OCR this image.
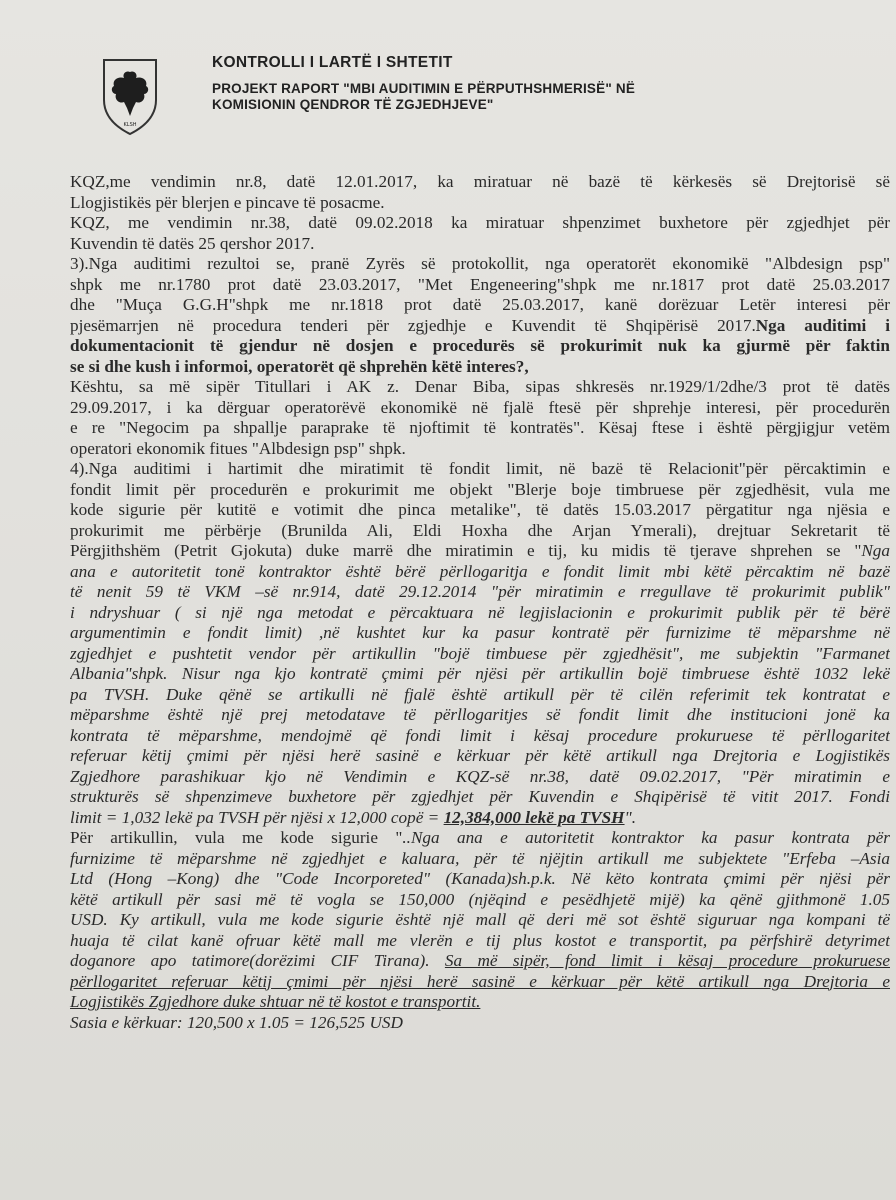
KLSH
KONTROLLI I LARTË I SHTETIT
PROJEKT RAPORT "MBI AUDITIMIN E PËRPUTHSHMERISË" NË
KOMISIONIN QENDROR TË ZGJEDHJEVE"
KQZ,me vendimin nr.8, datë 12.01.2017, ka miratuar në bazë të kërkesës së Drejtorisë së
Llogjistikës për blerjen e pincave të posacme.
KQZ, me vendimin nr.38, datë 09.02.2018 ka miratuar shpenzimet buxhetore për zgjedhjet për
Kuvendin të datës 25 qershor 2017.
3).Nga auditimi rezultoi se, pranë Zyrës së protokollit, nga operatorët ekonomikë "Albdesign psp"
shpk me nr.1780 prot datë 23.03.2017, "Met Engeneering"shpk me nr.1817 prot datë 25.03.2017
dhe "Muça G.G.H"shpk me nr.1818 prot datë 25.03.2017, kanë dorëzuar Letër interesi për
pjesëmarrjen në procedura tenderi për zgjedhje e Kuvendit të Shqipërisë 2017.Nga auditimi i
dokumentacionit të gjendur në dosjen e procedurës së prokurimit nuk ka gjurmë për faktin
se si dhe kush i informoi, operatorët që shprehën këtë interes?,
Kështu, sa më sipër Titullari i AK z. Denar Biba, sipas shkresës nr.1929/1/2dhe/3 prot të datës
29.09.2017, i ka dërguar operatorëvë ekonomikë në fjalë ftesë për shprehje interesi, për procedurën
e re "Negocim pa shpallje paraprake të njoftimit të kontratës". Kësaj ftese i është përgjigjur vetëm
operatori ekonomik fitues "Albdesign psp" shpk.
4).Nga auditimi i hartimit dhe miratimit të fondit limit, në bazë të Relacionit"për përcaktimin e
fondit limit për procedurën e prokurimit me objekt "Blerje boje timbruese për zgjedhësit, vula me
kode sigurie për kutitë e votimit dhe pinca metalike", të datës 15.03.2017 përgatitur nga njësia e
prokurimit me përbërje (Brunilda Ali, Eldi Hoxha dhe Arjan Ymerali), drejtuar Sekretarit të
Përgjithshëm (Petrit Gjokuta) duke marrë dhe miratimin e tij, ku midis të tjerave shprehen se "Nga
ana e autoritetit tonë kontraktor është bërë përllogaritja e fondit limit mbi këtë përcaktim në bazë
të nenit 59 të VKM –së nr.914, datë 29.12.2014 "për miratimin e rregullave të prokurimit publik"
i ndryshuar ( si një nga metodat e përcaktuara në legjislacionin e prokurimit publik për të bërë
argumentimin e fondit limit) ,në kushtet kur ka pasur kontratë për furnizime të mëparshme në
zgjedhjet e pushtetit vendor për artikullin "bojë timbuese për zgjedhësit", me subjektin "Farmanet
Albania"shpk. Nisur nga kjo kontratë çmimi për njësi për artikullin bojë timbruese është 1032 lekë
pa TVSH. Duke qënë se artikulli në fjalë është artikull për të cilën referimit tek kontratat e
mëparshme është një prej metodatave të përllogaritjes së fondit limit dhe institucioni jonë ka
kontrata të mëparshme, mendojmë që fondi limit i kësaj procedure prokuruese të përllogaritet
referuar këtij çmimi për njësi herë sasinë e kërkuar për këtë artikull nga Drejtoria e Logjistikës
Zgjedhore parashikuar kjo në Vendimin e KQZ-së nr.38, datë 09.02.2017, "Për miratimin e
strukturës së shpenzimeve buxhetore për zgjedhjet për Kuvendin e Shqipërisë të vitit 2017. Fondi
limit = 1,032 lekë pa TVSH për njësi x 12,000 copë = 12,384,000 lekë pa TVSH".
Për artikullin, vula me kode sigurie "..Nga ana e autoritetit kontraktor ka pasur kontrata për
furnizime të mëparshme në zgjedhjet e kaluara, për të njëjtin artikull me subjektete "Erfeba –Asia
Ltd (Hong –Kong) dhe "Code Incorporeted" (Kanada)sh.p.k. Në këto kontrata çmimi për njësi për
këtë artikull për sasi më të vogla se 150,000 (njëqind e pesëdhjetë mijë) ka qënë gjithmonë 1.05
USD. Ky artikull, vula me kode sigurie është një mall që deri më sot është siguruar nga kompani të
huaja të cilat kanë ofruar këtë mall me vlerën e tij plus kostot e transportit, pa përfshirë detyrimet
doganore apo tatimore(dorëzimi CIF Tirana). Sa më sipër, fond limit i kësaj procedure prokuruese
përllogaritet referuar këtij çmimi për njësi herë sasinë e kërkuar për këtë artikull nga Drejtoria e
Logjistikës Zgjedhore duke shtuar në të kostot e transportit.
Sasia e kërkuar: 120,500 x 1.05 = 126,525 USD
